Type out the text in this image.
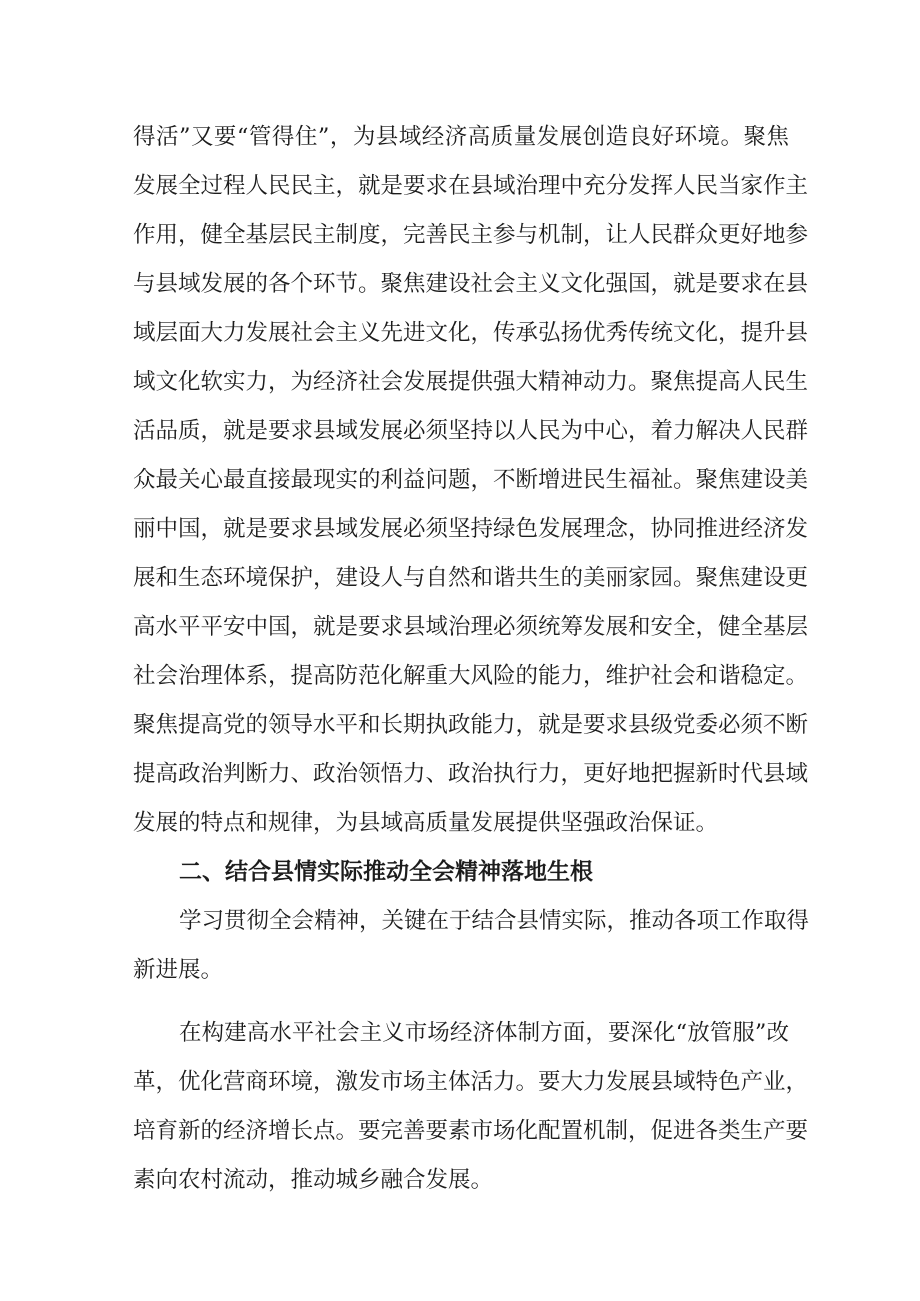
得活”又要“管得住”，为县域经济高质量发展创造良好环境。聚焦
发展全过程人民民主，就是要求在县域治理中充分发挥人民当家作主
作用，健全基层民主制度，完善民主参与机制，让人民群众更好地参
与县域发展的各个环节。聚焦建设社会主义文化强国，就是要求在县
域层面大力发展社会主义先进文化，传承弘扬优秀传统文化，提升县
域文化软实力，为经济社会发展提供强大精神动力。聚焦提高人民生
活品质，就是要求县域发展必须坚持以人民为中心，着力解决人民群
众最关心最直接最现实的利益问题，不断增进民生福祉。聚焦建设美
丽中国，就是要求县域发展必须坚持绿色发展理念，协同推进经济发
展和生态环境保护，建设人与自然和谐共生的美丽家园。聚焦建设更
高水平平安中国，就是要求县域治理必须统筹发展和安全，健全基层
社会治理体系，提高防范化解重大风险的能力，维护社会和谐稳定。
聚焦提高党的领导水平和长期执政能力，就是要求县级党委必须不断
提高政治判断力、政治领悟力、政治执行力，更好地把握新时代县域
发展的特点和规律，为县域高质量发展提供坚强政治保证。
二、结合县情实际推动全会精神落地生根
学习贯彻全会精神，关键在于结合县情实际，推动各项工作取得
新进展。
在构建高水平社会主义市场经济体制方面，要深化“放管服”改
革，优化营商环境，激发市场主体活力。要大力发展县域特色产业，
培育新的经济增长点。要完善要素市场化配置机制，促进各类生产要
素向农村流动，推动城乡融合发展。
